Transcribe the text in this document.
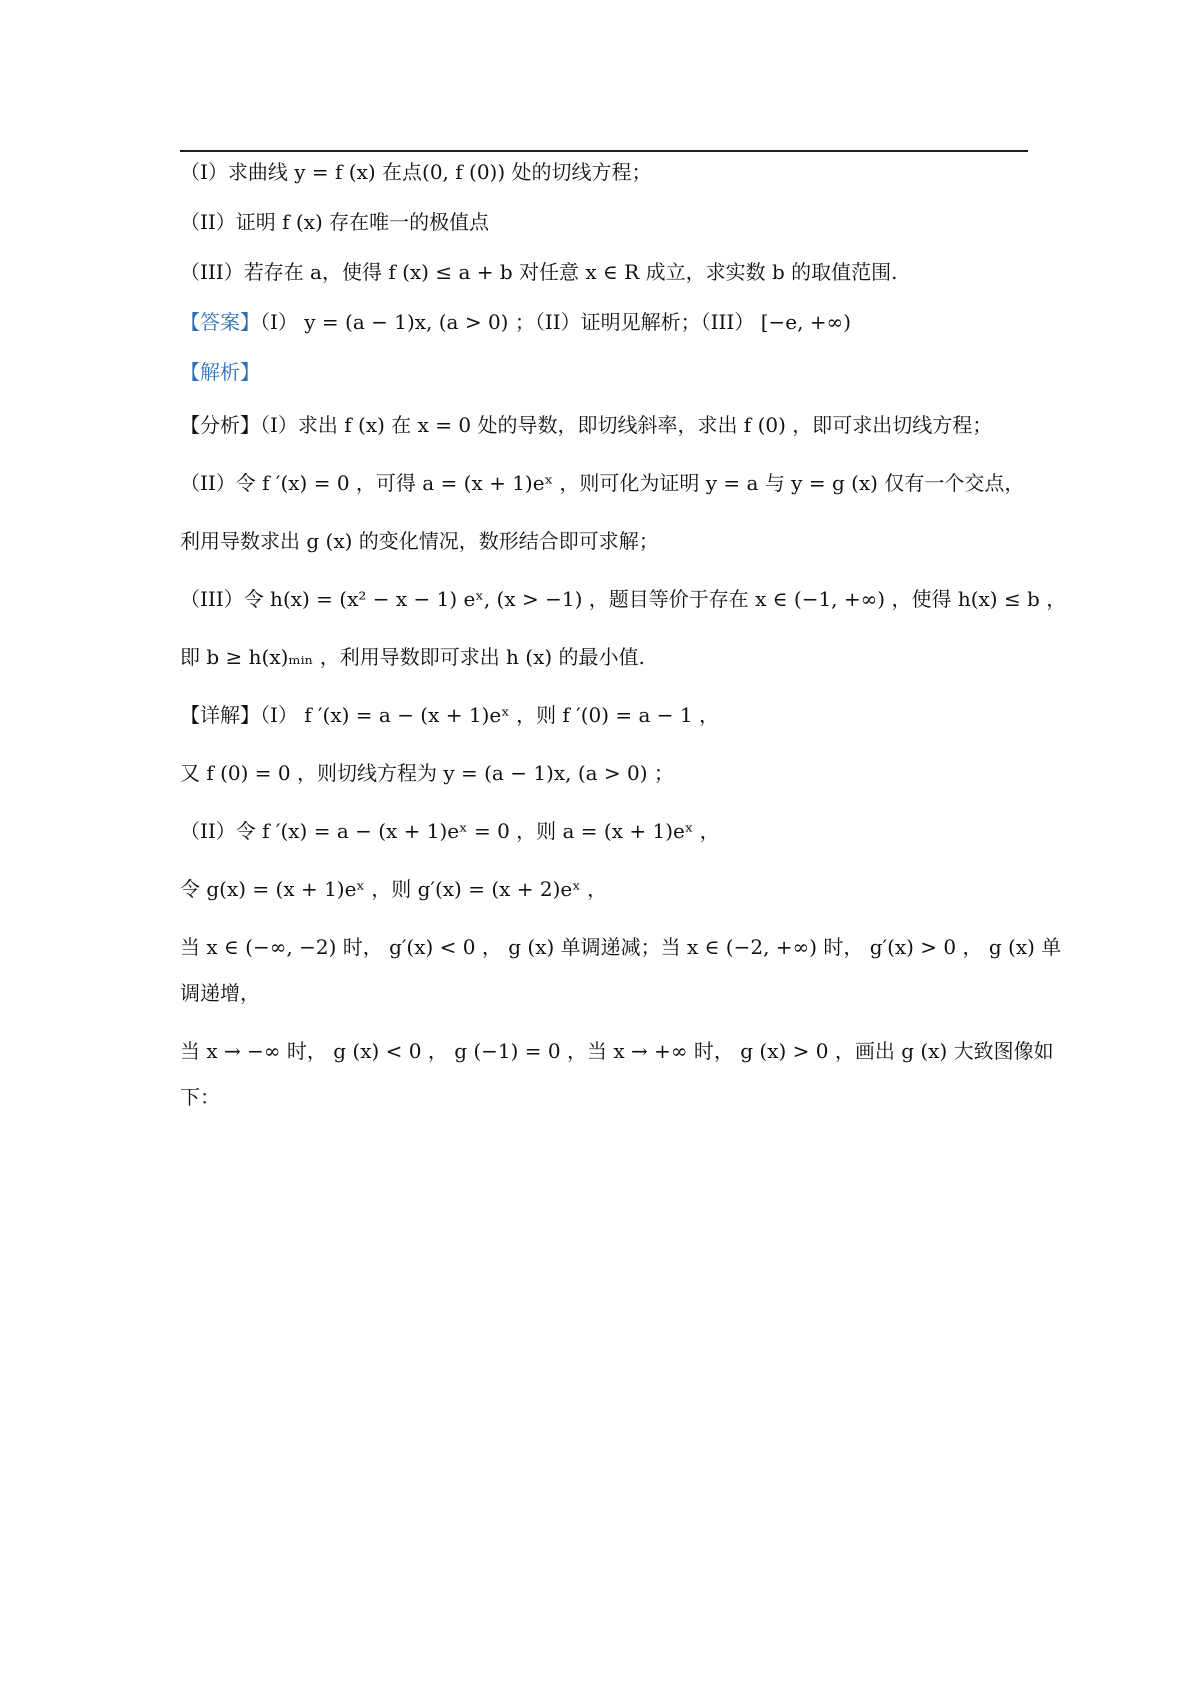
（I）求曲线 y = f (x) 在点(0, f (0)) 处的切线方程；
（II）证明 f (x) 存在唯一的极值点
（III）若存在 a，使得 f (x) ≤ a + b 对任意 x ∈ R 成立，求实数 b 的取值范围.
【答案】（I） y = (a − 1)x, (a > 0) ；（II）证明见解析；（III） [−e, +∞)
【解析】
【分析】（I）求出 f (x) 在 x = 0 处的导数，即切线斜率，求出 f (0) ，即可求出切线方程；
（II）令 f ′(x) = 0 ，可得 a = (x + 1)eˣ ，则可化为证明 y = a 与 y = g (x) 仅有一个交点，
利用导数求出 g (x) 的变化情况，数形结合即可求解；
（III）令 h(x) = (x² − x − 1) eˣ, (x > −1) ，题目等价于存在 x ∈ (−1, +∞) ，使得 h(x) ≤ b ，
即 b ≥ h(x)ₘᵢₙ ，利用导数即可求出 h (x) 的最小值.
【详解】（I） f ′(x) = a − (x + 1)eˣ ，则 f ′(0) = a − 1 ，
又 f (0) = 0 ，则切线方程为 y = (a − 1)x, (a > 0) ；
（II）令 f ′(x) = a − (x + 1)eˣ = 0 ，则 a = (x + 1)eˣ ，
令 g(x) = (x + 1)eˣ ，则 g′(x) = (x + 2)eˣ ，
当 x ∈ (−∞, −2) 时， g′(x) < 0 ， g (x) 单调递减；当 x ∈ (−2, +∞) 时， g′(x) > 0 ， g (x) 单
调递增，
当 x → −∞ 时， g (x) < 0 ， g (−1) = 0 ，当 x → +∞ 时， g (x) > 0 ，画出 g (x) 大致图像如
下：
